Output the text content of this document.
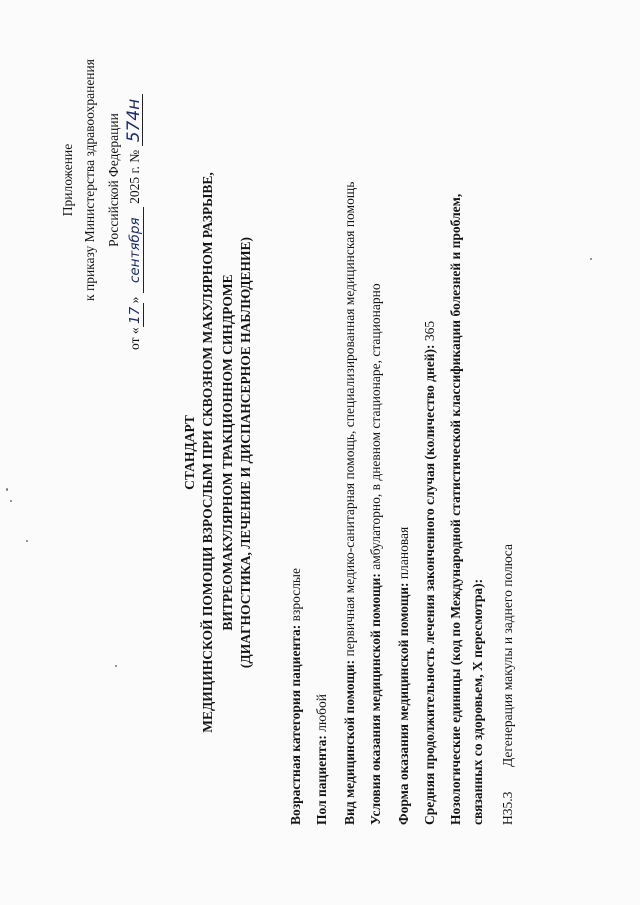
Приложение к приказу Министерства здравоохранения Российской Федерации
от «17» сентября 2025 г. № 574н
СТАНДАРТ МЕДИЦИНСКОЙ ПОМОЩИ ВЗРОСЛЫМ ПРИ СКВОЗНОМ МАКУЛЯРНОМ РАЗРЫВЕ, ВИТРЕОМАКУЛЯРНОМ ТРАКЦИОННОМ СИНДРОМЕ (ДИАГНОСТИКА, ЛЕЧЕНИЕ И ДИСПАНСЕРНОЕ НАБЛЮДЕНИЕ)
Возрастная категория пациента: взрослые
Пол пациента: любой Вид медицинской помощи: первичная медико-санитарная помощь, специализированная медицинская помощь
Условия оказания медицинской помощи: амбулаторно, в дневном стационаре, стационарно
Форма оказания медицинской помощи: плановая Средняя продолжительность лечения законченного случая (количество дней): 365 Нозологические единицы (код по Международной статистической классификации болезней и проблем, связанных со здоровьем, X пересмотра): H35.3Дегенерация макулы и заднего полюса
